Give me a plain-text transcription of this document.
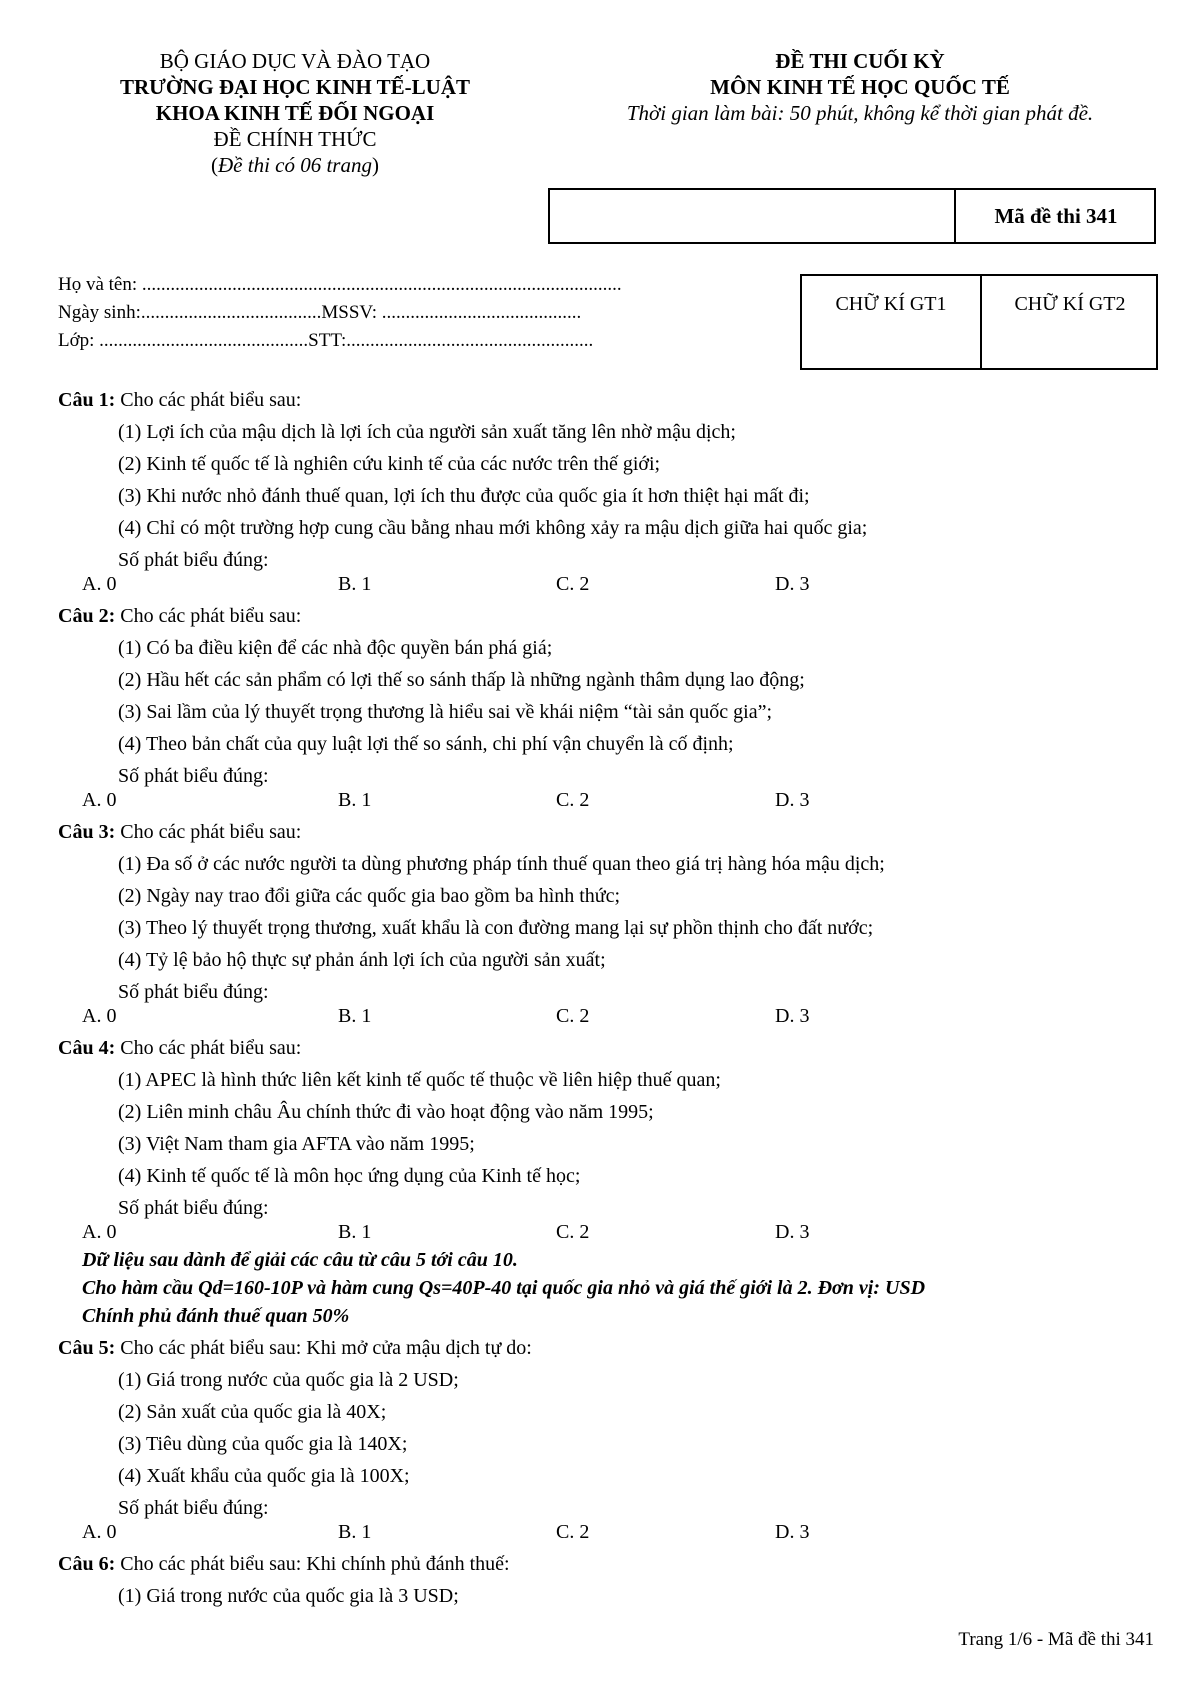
BỘ GIÁO DỤC VÀ ĐÀO TẠO
TRƯỜNG ĐẠI HỌC KINH TẾ-LUẬT
KHOA KINH TẾ ĐỐI NGOẠI
ĐỀ CHÍNH THỨC
(Đề thi có 06 trang)
ĐỀ THI CUỐI KỲ
MÔN KINH TẾ HỌC QUỐC TẾ
Thời gian làm bài: 50 phút, không kể thời gian phát đề.
Mã đề thi 341
Họ và tên: .....................................................................................................
Ngày sinh:......................................MSSV: ..........................................
Lớp: ............................................STT:....................................................
CHỮ KÍ GT1	CHỮ KÍ GT2
Câu 1: Cho các phát biểu sau:
(1) Lợi ích của mậu dịch là lợi ích của người sản xuất tăng lên nhờ mậu dịch;
(2) Kinh tế quốc tế là nghiên cứu kinh tế của các nước trên thế giới;
(3) Khi nước nhỏ đánh thuế quan, lợi ích thu được của quốc gia ít hơn thiệt hại mất đi;
(4) Chỉ có một trường hợp cung cầu bằng nhau mới không xảy ra mậu dịch giữa hai quốc gia;
Số phát biểu đúng:
A. 0	B. 1	C. 2	D. 3
Câu 2: Cho các phát biểu sau:
(1) Có ba điều kiện để các nhà độc quyền bán phá giá;
(2) Hầu hết các sản phẩm có lợi thế so sánh thấp là những ngành thâm dụng lao động;
(3) Sai lầm của lý thuyết trọng thương là hiểu sai về khái niệm “tài sản quốc gia”;
(4) Theo bản chất của quy luật lợi thế so sánh, chi phí vận chuyển là cố định;
Số phát biểu đúng:
A. 0	B. 1	C. 2	D. 3
Câu 3: Cho các phát biểu sau:
(1) Đa số ở các nước người ta dùng phương pháp tính thuế quan theo giá trị hàng hóa mậu dịch;
(2) Ngày nay trao đổi giữa các quốc gia bao gồm ba hình thức;
(3) Theo lý thuyết trọng thương, xuất khẩu là con đường mang lại sự phồn thịnh cho đất nước;
(4) Tỷ lệ bảo hộ thực sự phản ánh lợi ích của người sản xuất;
Số phát biểu đúng:
A. 0	B. 1	C. 2	D. 3
Câu 4: Cho các phát biểu sau:
(1) APEC là hình thức liên kết kinh tế quốc tế thuộc về liên hiệp thuế quan;
(2) Liên minh châu Âu chính thức đi vào hoạt động vào năm 1995;
(3) Việt Nam tham gia AFTA vào năm 1995;
(4) Kinh tế quốc tế là môn học ứng dụng của Kinh tế học;
Số phát biểu đúng:
A. 0	B. 1	C. 2	D. 3
Dữ liệu sau dành để giải các câu từ câu 5 tới câu 10.
Cho hàm cầu Qd=160-10P và hàm cung Qs=40P-40 tại quốc gia nhỏ và giá thế giới là 2. Đơn vị: USD
Chính phủ đánh thuế quan 50%
Câu 5: Cho các phát biểu sau: Khi mở cửa mậu dịch tự do:
(1) Giá trong nước của quốc gia là 2 USD;
(2) Sản xuất của quốc gia là 40X;
(3) Tiêu dùng của quốc gia là 140X;
(4) Xuất khẩu của quốc gia là 100X;
Số phát biểu đúng:
A. 0	B. 1	C. 2	D. 3
Câu 6: Cho các phát biểu sau: Khi chính phủ đánh thuế:
(1) Giá trong nước của quốc gia là 3 USD;
Trang 1/6 - Mã đề thi 341
